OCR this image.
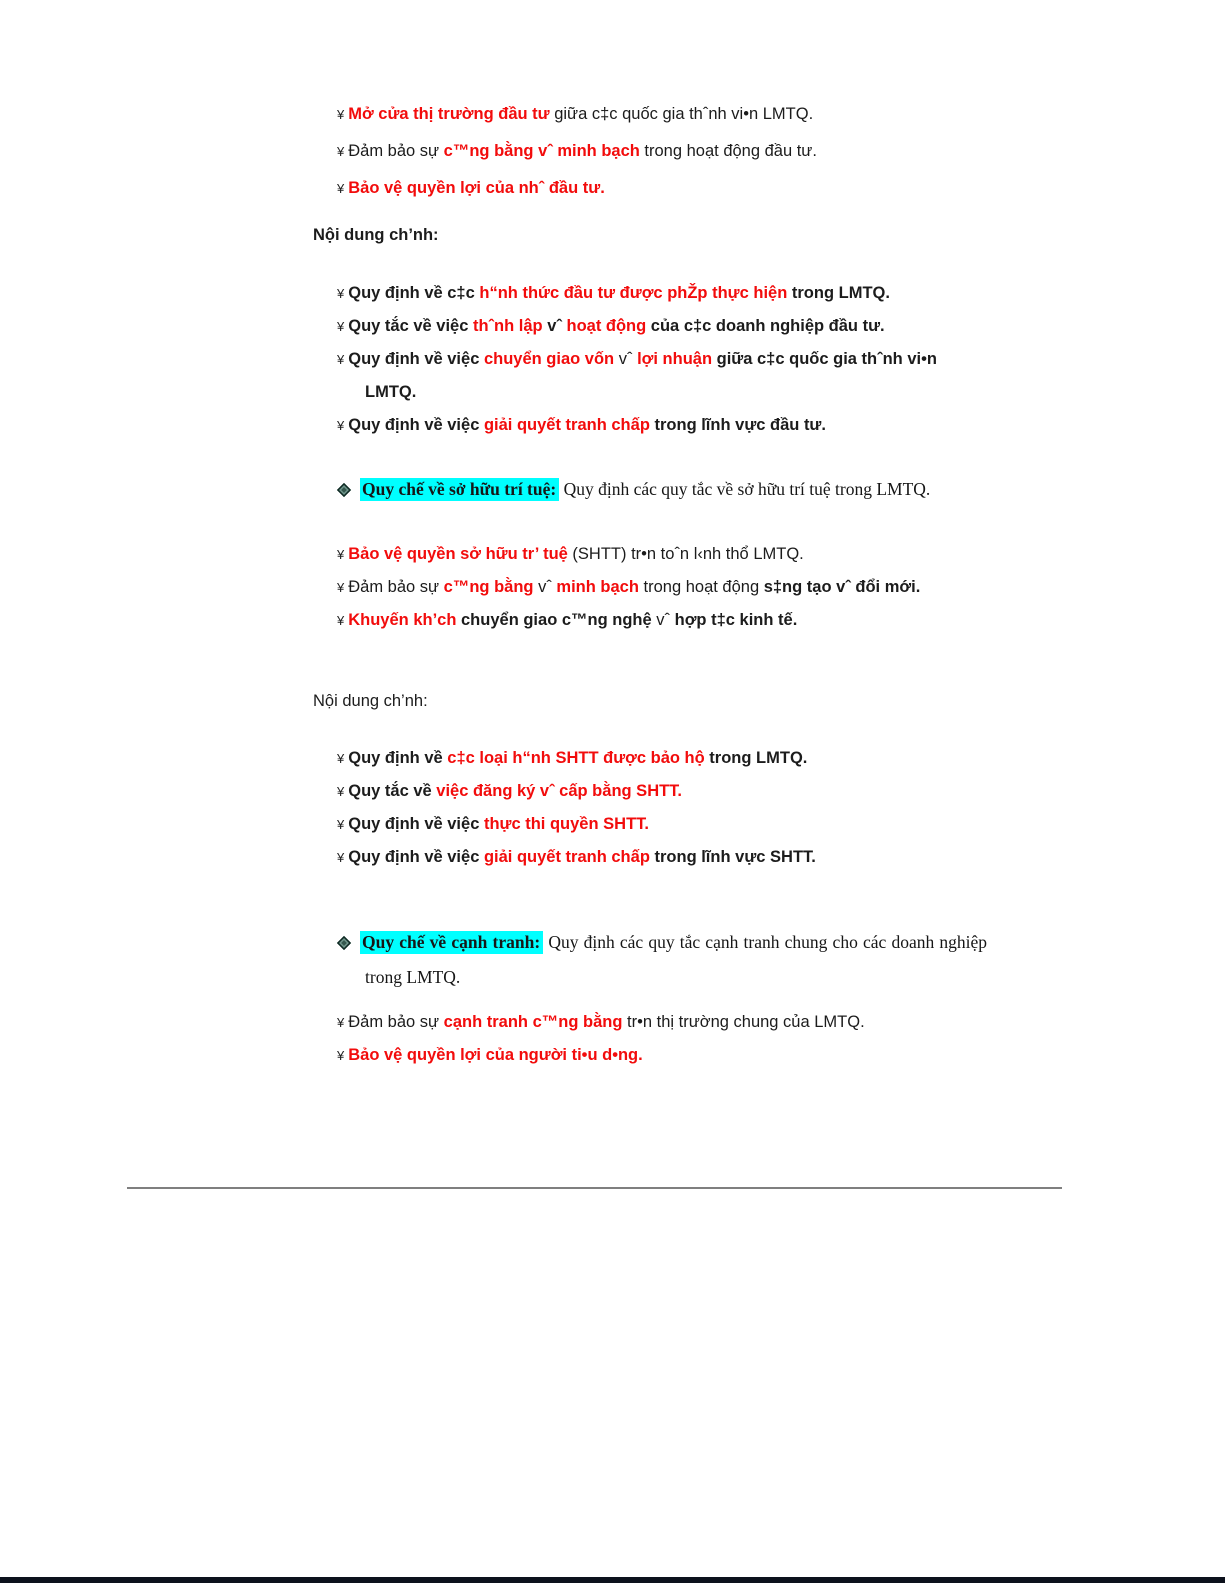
¥ Mở cửa thị trường đầu tư giữa c‡c quốc gia thˆnh vi•n LMTQ.
¥ Đảm bảo sự c™ng bằng vˆ minh bạch trong hoạt động đầu tư.
¥ Bảo vệ quyền lợi của nhˆ đầu tư.
Nội dung ch’nh:
¥ Quy định về c‡c h“nh thức đầu tư được phŽp thực hiện trong LMTQ.
¥ Quy tắc về việc thˆnh lập vˆ hoạt động của c‡c doanh nghiệp đầu tư.
¥ Quy định về việc chuyển giao vốn vˆ lợi nhuận giữa c‡c quốc gia thˆnh vi•n LMTQ.
¥ Quy định về việc giải quyết tranh chấp trong lĩnh vực đầu tư.
Quy chế về sở hữu trí tuệ: Quy định các quy tắc về sở hữu trí tuệ trong LMTQ.
¥ Bảo vệ quyền sở hữu tr’ tuệ (SHTT) tr•n toˆn l‹nh thổ LMTQ.
¥ Đảm bảo sự c™ng bằng vˆ minh bạch trong hoạt động s‡ng tạo vˆ đổi mới.
¥ Khuyến kh’ch chuyển giao c™ng nghệ vˆ hợp t‡c kinh tế.
Nội dung ch’nh:
¥ Quy định về c‡c loại h“nh SHTT được bảo hộ trong LMTQ.
¥ Quy tắc về việc đăng ký vˆ cấp bằng SHTT.
¥ Quy định về việc thực thi quyền SHTT.
¥ Quy định về việc giải quyết tranh chấp trong lĩnh vực SHTT.
Quy chế về cạnh tranh: Quy định các quy tắc cạnh tranh chung cho các doanh nghiệp trong LMTQ.
¥ Đảm bảo sự cạnh tranh c™ng bằng tr•n thị trường chung của LMTQ.
¥ Bảo vệ quyền lợi của người ti•u d•ng.
